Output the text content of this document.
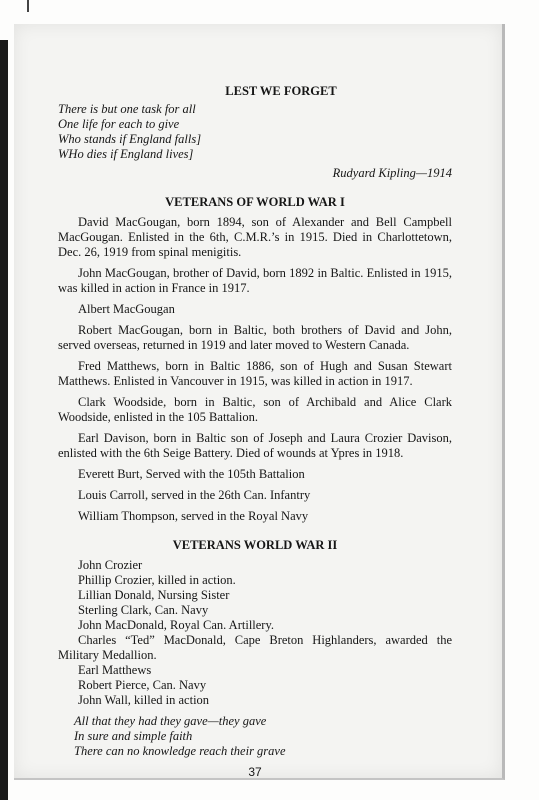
LEST WE FORGET
There is but one task for all
One life for each to give
Who stands if England falls]
WHo dies if England lives]
Rudyard Kipling—1914
VETERANS OF WORLD WAR I

David MacGougan, born 1894, son of Alexander and Bell Campbell MacGougan. Enlisted in the 6th, C.M.R.’s in 1915. Died in Charlottetown, Dec. 26, 1919 from spinal menigitis.

John MacGougan, brother of David, born 1892 in Baltic. Enlisted in 1915, was killed in action in France in 1917.

Albert MacGougan

Robert MacGougan, born in Baltic, both brothers of David and John, served overseas, returned in 1919 and later moved to Western Canada.

Fred Matthews, born in Baltic 1886, son of Hugh and Susan Stewart Matthews. Enlisted in Vancouver in 1915, was killed in action in 1917.

Clark Woodside, born in Baltic, son of Archibald and Alice Clark Woodside, enlisted in the 105 Battalion.

Earl Davison, born in Baltic son of Joseph and Laura Crozier Davison, enlisted with the 6th Seige Battery. Died of wounds at Ypres in 1918.

Everett Burt, Served with the 105th Battalion

Louis Carroll, served in the 26th Can. Infantry

William Thompson, served in the Royal Navy

VETERANS WORLD WAR II

John Crozier

Phillip Crozier, killed in action.

Lillian Donald, Nursing Sister

Sterling Clark, Can. Navy

John MacDonald, Royal Can. Artillery.

Charles “Ted” MacDonald, Cape Breton Highlanders, awarded the Military Medallion.

Earl Matthews

Robert Pierce, Can. Navy

John Wall, killed in action

All that they had they gave—they gave
In sure and simple faith
There can no knowledge reach their grave
37
